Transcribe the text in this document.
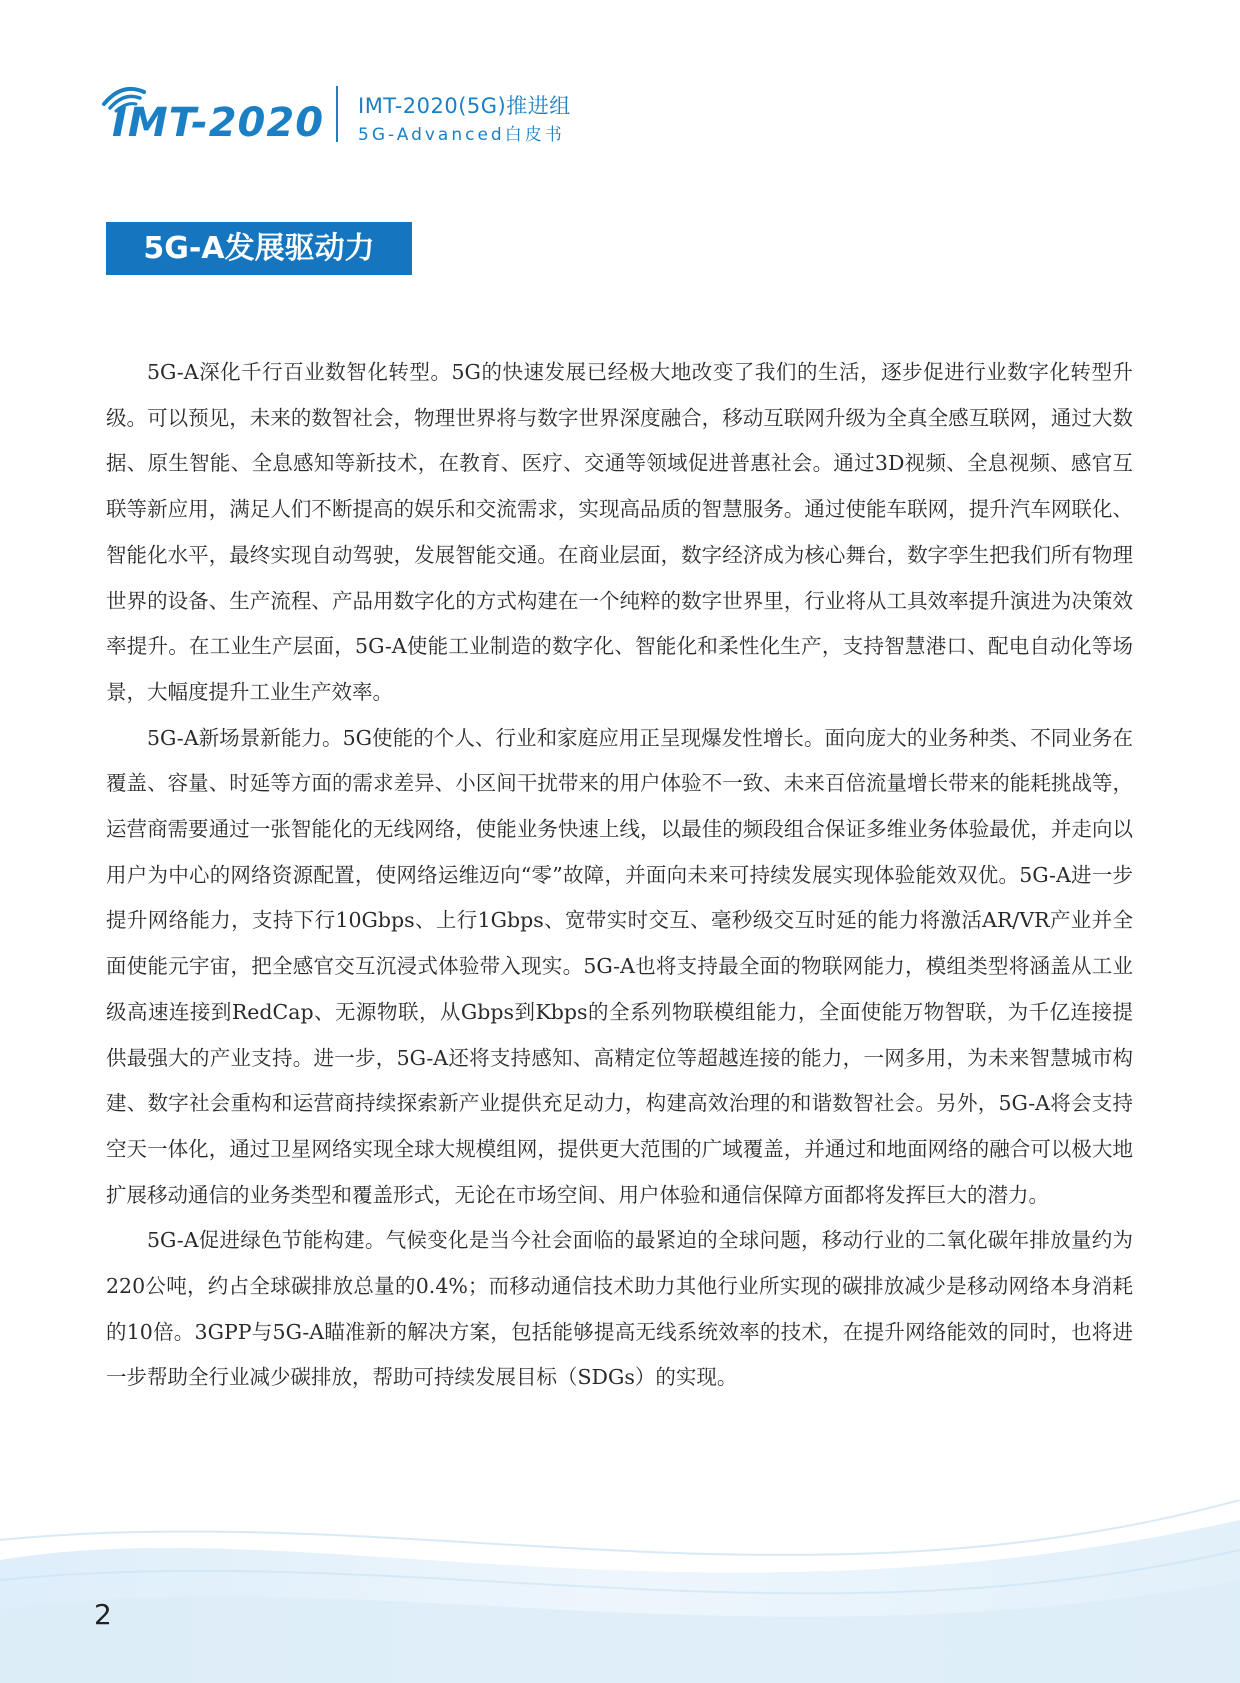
IMT-2020 IMT-2020(5G)推进组
5G-Advanced白皮书
5G-A发展驱动力

5G-A深化千行百业数智化转型。5G的快速发展已经极大地改变了我们的生活，逐步促进行业数字化转型升级。可以预见，未来的数智社会，物理世界将与数字世界深度融合，移动互联网升级为全真全感互联网，通过大数据、原生智能、全息感知等新技术，在教育、医疗、交通等领域促进普惠社会。通过3D视频、全息视频、感官互联等新应用，满足人们不断提高的娱乐和交流需求，实现高品质的智慧服务。通过使能车联网，提升汽车网联化、智能化水平，最终实现自动驾驶，发展智能交通。在商业层面，数字经济成为核心舞台，数字孪生把我们所有物理世界的设备、生产流程、产品用数字化的方式构建在一个纯粹的数字世界里，行业将从工具效率提升演进为决策效率提升。在工业生产层面，5G-A使能工业制造的数字化、智能化和柔性化生产，支持智慧港口、配电自动化等场景，大幅度提升工业生产效率。

5G-A新场景新能力。5G使能的个人、行业和家庭应用正呈现爆发性增长。面向庞大的业务种类、不同业务在覆盖、容量、时延等方面的需求差异、小区间干扰带来的用户体验不一致、未来百倍流量增长带来的能耗挑战等，运营商需要通过一张智能化的无线网络，使能业务快速上线，以最佳的频段组合保证多维业务体验最优，并走向以用户为中心的网络资源配置，使网络运维迈向“零”故障，并面向未来可持续发展实现体验能效双优。5G-A进一步提升网络能力，支持下行10Gbps、上行1Gbps、宽带实时交互、毫秒级交互时延的能力将激活AR/VR产业并全面使能元宇宙，把全感官交互沉浸式体验带入现实。5G-A也将支持最全面的物联网能力，模组类型将涵盖从工业级高速连接到RedCap、无源物联，从Gbps到Kbps的全系列物联模组能力，全面使能万物智联，为千亿连接提供最强大的产业支持。进一步，5G-A还将支持感知、高精定位等超越连接的能力，一网多用，为未来智慧城市构建、数字社会重构和运营商持续探索新产业提供充足动力，构建高效治理的和谐数智社会。另外，5G-A将会支持空天一体化，通过卫星网络实现全球大规模组网，提供更大范围的广域覆盖，并通过和地面网络的融合可以极大地扩展移动通信的业务类型和覆盖形式，无论在市场空间、用户体验和通信保障方面都将发挥巨大的潜力。

5G-A促进绿色节能构建。气候变化是当今社会面临的最紧迫的全球问题，移动行业的二氧化碳年排放量约为220公吨，约占全球碳排放总量的0.4%；而移动通信技术助力其他行业所实现的碳排放减少是移动网络本身消耗的10倍。3GPP与5G-A瞄准新的解决方案，包括能够提高无线系统效率的技术，在提升网络能效的同时，也将进一步帮助全行业减少碳排放，帮助可持续发展目标（SDGs）的实现。

2
